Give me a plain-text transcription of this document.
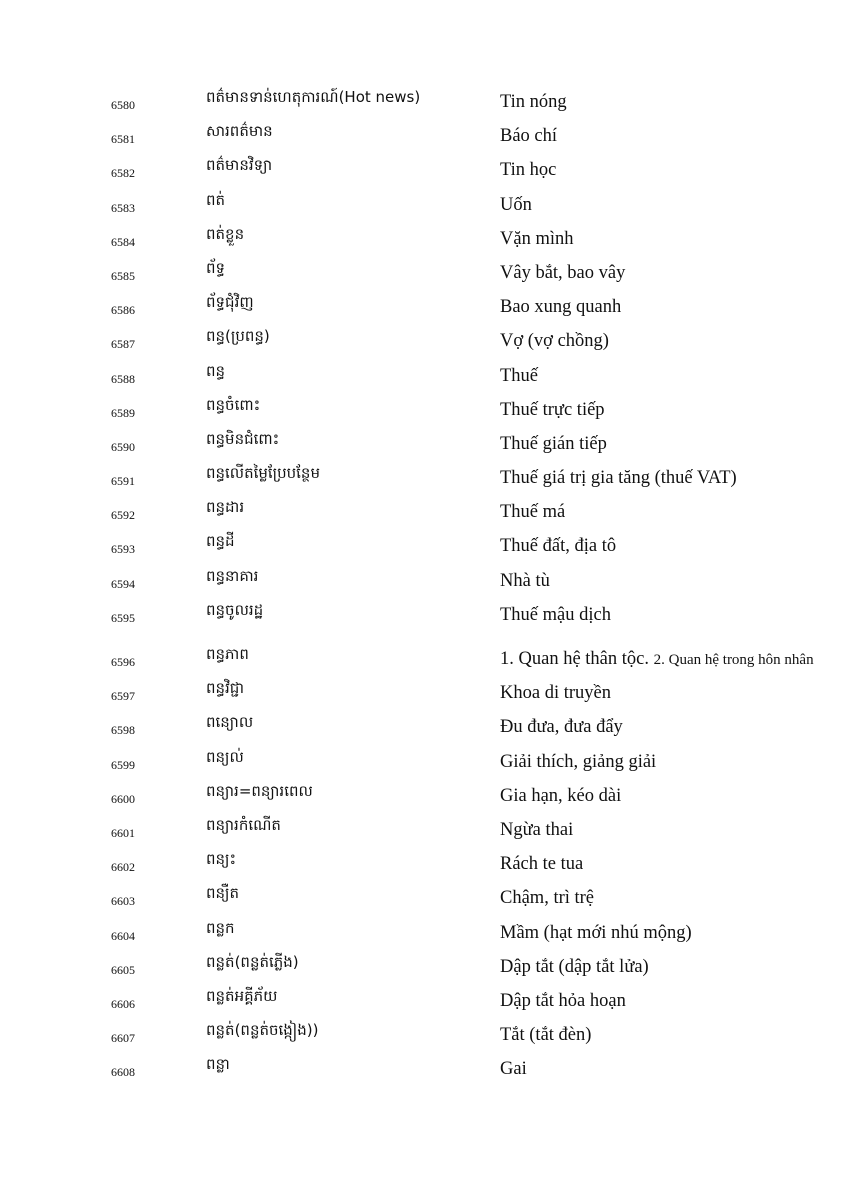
6580	ពត៌មានទាន់ហេតុការណ៍(Hot news)	Tin nóng
6581	សារពត៌មាន	Báo chí
6582	ពត៌មានវិទ្យា	Tin học
6583	ពត់	Uốn
6584	ពត់ខ្លួន	Vặn mình
6585	ព័ទ្ធ	Vây bắt, bao vây
6586	ព័ទ្ធជុំវិញ	Bao xung quanh
6587	ពន្ធ(ប្រពន្ធ)	Vợ (vợ chồng)
6588	ពន្ធ	Thuế
6589	ពន្ធចំពោះ	Thuế trực tiếp
6590	ពន្ធមិនជំពោះ	Thuế gián tiếp
6591	ពន្ធលើតម្លៃប្រែបន្ថែម	Thuế giá trị gia tăng (thuế VAT)
6592	ពន្ធដារ	Thuế má
6593	ពន្ធដី	Thuế đất, địa tô
6594	ពន្ធនាគារ	Nhà tù
6595	ពន្ធចូលរដ្ឋ	Thuế mậu dịch
6596	ពន្ធភាព	1. Quan hệ thân tộc. 2. Quan hệ trong hôn nhân
6597	ពន្ធវិជ្ជា	Khoa di truyền
6598	ពន្យោល	Đu đưa, đưa đẩy
6599	ពន្យល់	Giải thích, giảng giải
6600	ពន្យារ=ពន្យារពេល	Gia hạn, kéo dài
6601	ពន្យារកំណើត	Ngừa thai
6602	ពន្យះ	Rách te tua
6603	ពន្យឺត	Chậm, trì trệ
6604	ពន្លក	Mầm (hạt mới nhú mộng)
6605	ពន្លត់(ពន្លត់ភ្លើង)	Dập tắt (dập tắt lửa)
6606	ពន្លត់អគ្គីភ័យ	Dập tắt hỏa hoạn
6607	ពន្លត់(ពន្លត់ចង្កៀង))	Tắt (tắt đèn)
6608	ពន្លា	Gai
